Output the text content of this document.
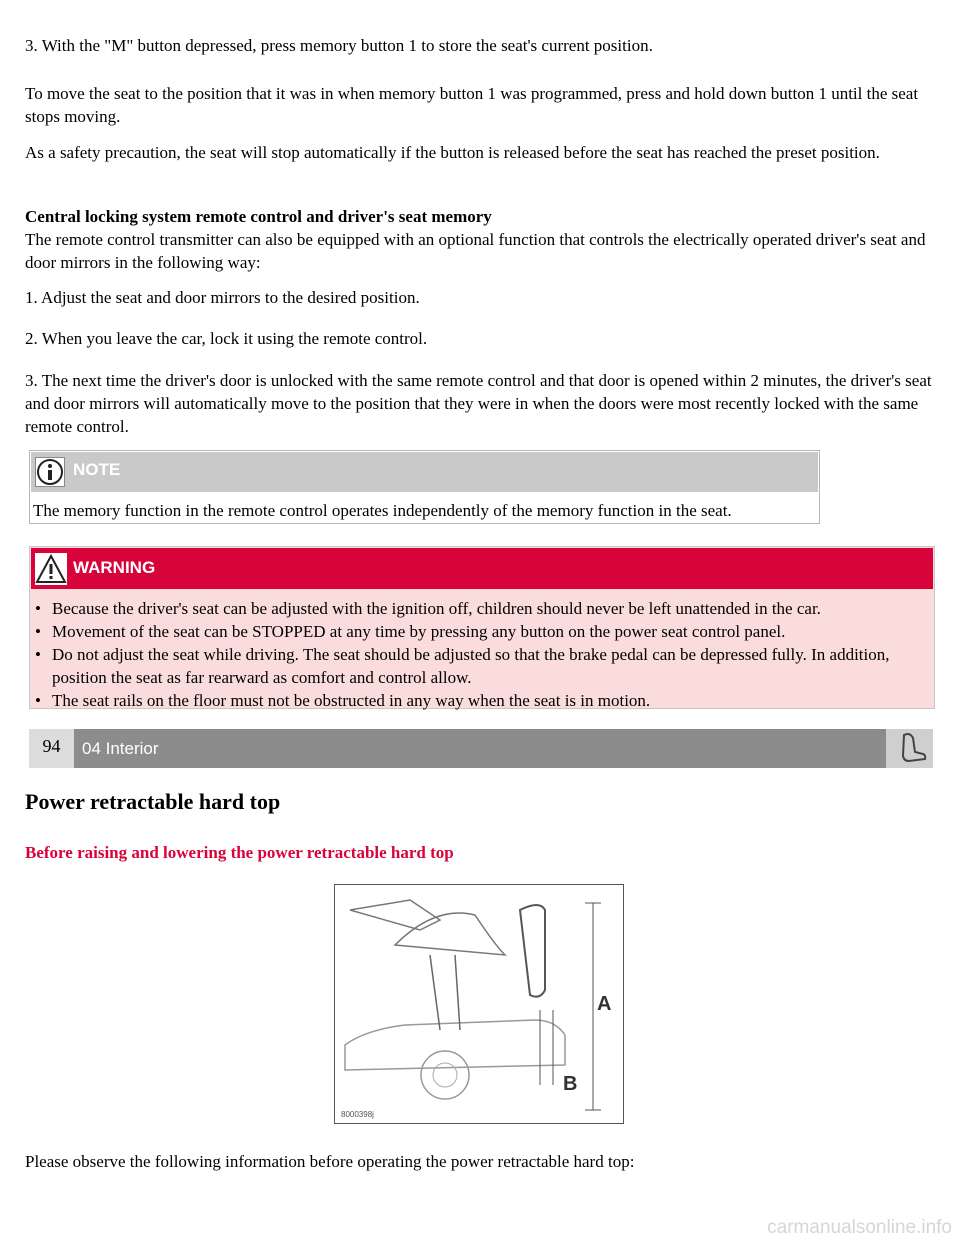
3. With the "M" button depressed, press memory button 1 to store the seat's current position.

To move the seat to the position that it was in when memory button 1 was programmed, press and hold down button 1 until the seat stops moving.

As a safety precaution, the seat will stop automatically if the button is released before the seat has reached the preset position.

Central locking system remote control and driver's seat memory

The remote control transmitter can also be equipped with an optional function that controls the electrically operated driver's seat and door mirrors in the following way:

1. Adjust the seat and door mirrors to the desired position.

2. When you leave the car, lock it using the remote control.

3. The next time the driver's door is unlocked with the same remote control and that door is opened within 2 minutes, the driver's seat and door mirrors will automatically move to the position that they were in when the doors were most recently locked with the same remote control.

NOTE

The memory function in the remote control operates independently of the memory function in the seat.

WARNING
• Because the driver's seat can be adjusted with the ignition off, children should never be left unattended in the car.
• Movement of the seat can be STOPPED at any time by pressing any button on the power seat control panel.
• Do not adjust the seat while driving. The seat should be adjusted so that the brake pedal can be depressed fully. In addition, position the seat as far rearward as comfort and control allow.
• The seat rails on the floor must not be obstructed in any way when the seat is in motion.
94	04 Interior
Power retractable hard top
Before raising and lowering the power retractable hard top
A
B
8000398j

Please observe the following information before operating the power retractable hard top:

carmanualsonline.info
